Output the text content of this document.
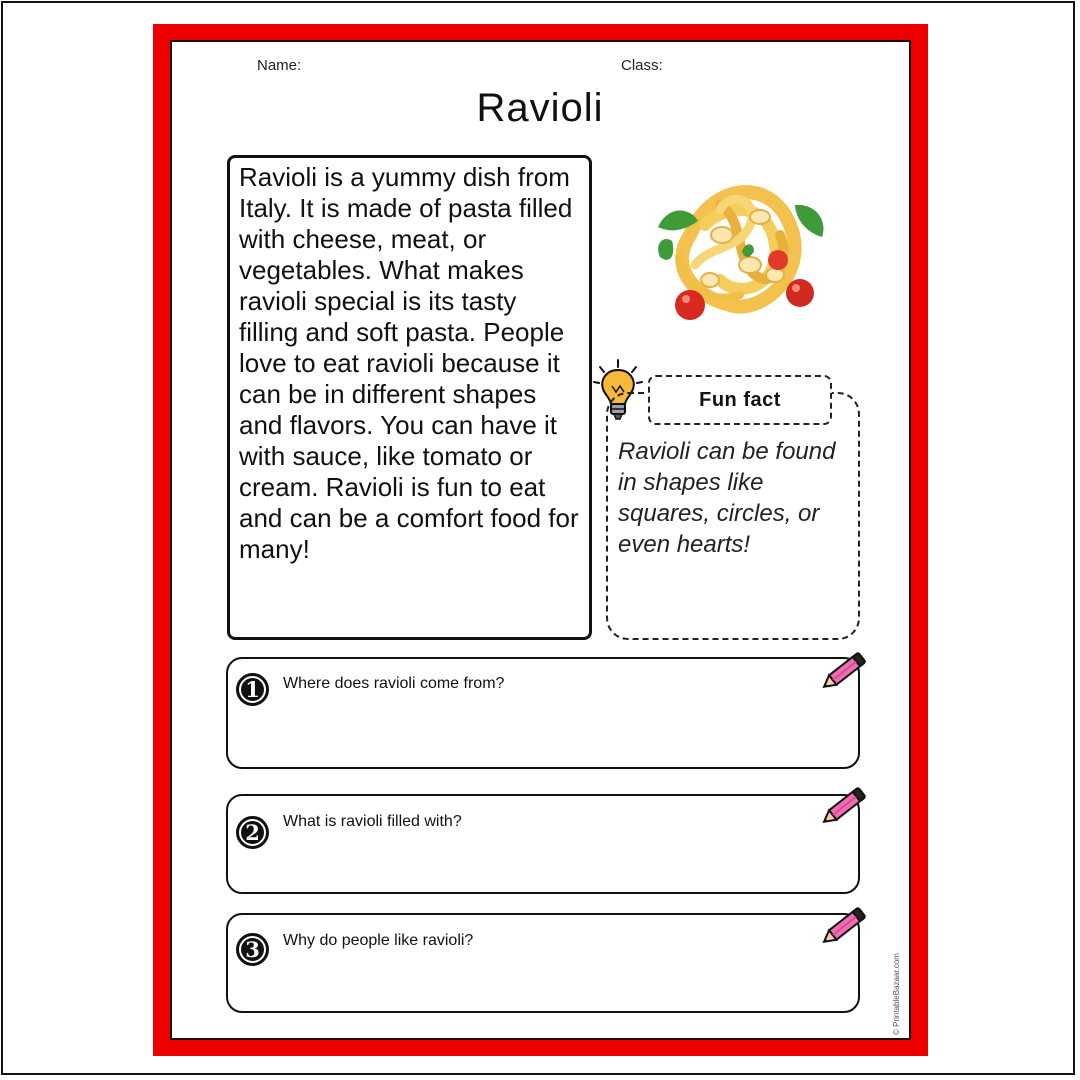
Name:	Class:
Ravioli
Ravioli is a yummy dish from Italy. It is made of pasta filled with cheese, meat, or vegetables. What makes ravioli special is its tasty filling and soft pasta. People love to eat ravioli because it can be in different shapes and flavors. You can have it with sauce, like tomato or cream. Ravioli is fun to eat and can be a comfort food for many!
Fun fact
Ravioli can be found in shapes like squares, circles, or even hearts!
1	Where does ravioli come from?
2	What is ravioli filled with?
3	Why do people like ravioli?
© PrintableBazaar.com
